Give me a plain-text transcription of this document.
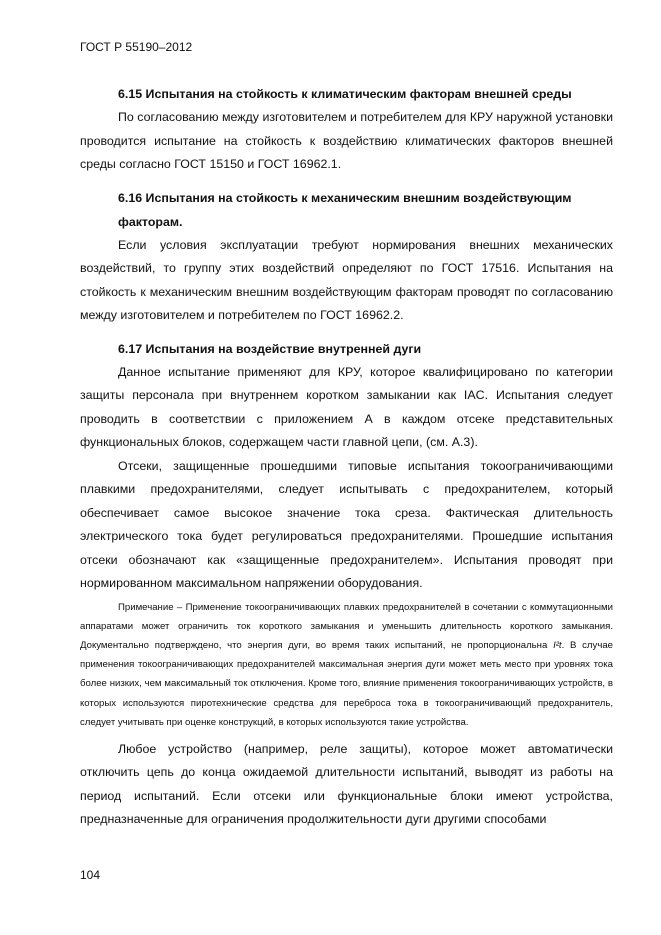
ГОСТ Р 55190–2012
6.15 Испытания на стойкость к климатическим факторам внешней среды

По согласованию между изготовителем и потребителем для КРУ наружной установки проводится испытание на стойкость к воздействию климатических факторов внешней среды согласно ГОСТ 15150 и ГОСТ 16962.1.

6.16 Испытания на стойкость к механическим внешним воздействующим факторам.

Если условия эксплуатации требуют нормирования внешних механических воздействий, то группу этих воздействий определяют по ГОСТ 17516. Испытания на стойкость к механическим внешним воздействующим факторам проводят по согласованию между изготовителем и потребителем по ГОСТ 16962.2.

6.17 Испытания на воздействие внутренней дуги

Данное испытание применяют для КРУ, которое квалифицировано по категории защиты персонала при внутреннем коротком замыкании как IAC. Испытания следует проводить в соответствии с приложением А в каждом отсеке представительных функциональных блоков, содержащем части главной цепи, (см. А.3).

Отсеки, защищенные прошедшими типовые испытания токоограничивающими плавкими предохранителями, следует испытывать с предохранителем, который обеспечивает самое высокое значение тока среза. Фактическая длительность электрического тока будет регулироваться предохранителями. Прошедшие испытания отсеки обозначают как «защищенные предохранителем». Испытания проводят при нормированном максимальном напряжении оборудования.

Примечание – Применение токоограничивающих плавких предохранителей в сочетании с коммутационными аппаратами может ограничить ток короткого замыкания и уменьшить длительность короткого замыкания. Документально подтверждено, что энергия дуги, во время таких испытаний, не пропорциональна I²t. В случае применения токоограничивающих предохранителей максимальная энергия дуги может меть место при уровнях тока более низких, чем максимальный ток отключения. Кроме того, влияние применения токоограничивающих устройств, в которых используются пиротехнические средства для переброса тока в токоограничивающий предохранитель, следует учитывать при оценке конструкций, в которых используются такие устройства.

Любое устройство (например, реле защиты), которое может автоматически отключить цепь до конца ожидаемой длительности испытаний, выводят из работы на период испытаний. Если отсеки или функциональные блоки имеют устройства, предназначенные для ограничения продолжительности дуги другими способами

104
